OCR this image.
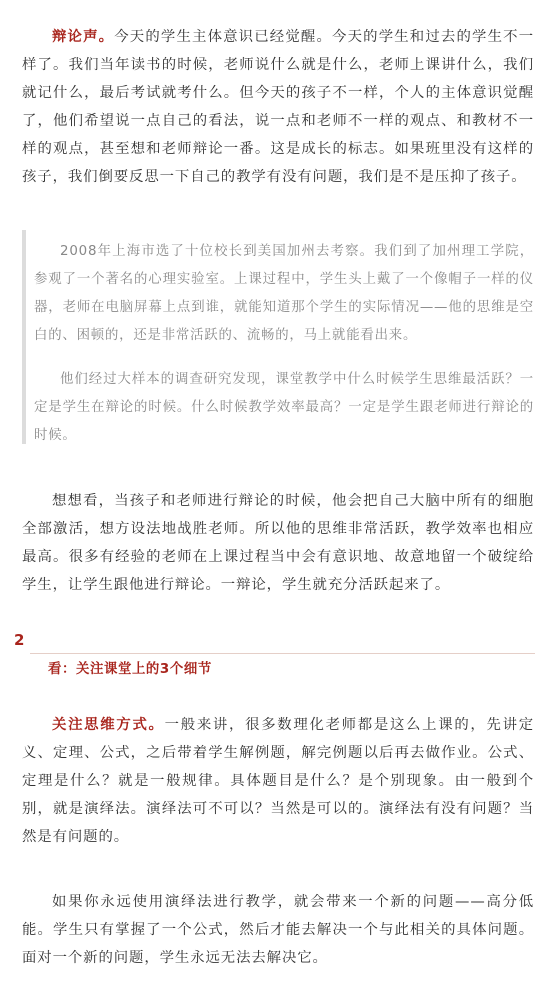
辩论声。今天的学生主体意识已经觉醒。今天的学生和过去的学生不一样了。我们当年读书的时候，老师说什么就是什么，老师上课讲什么，我们就记什么，最后考试就考什么。但今天的孩子不一样，个人的主体意识觉醒了，他们希望说一点自己的看法，说一点和老师不一样的观点、和教材不一样的观点，甚至想和老师辩论一番。这是成长的标志。如果班里没有这样的孩子，我们倒要反思一下自己的教学有没有问题，我们是不是压抑了孩子。

2008年上海市选了十位校长到美国加州去考察。我们到了加州理工学院，参观了一个著名的心理实验室。上课过程中，学生头上戴了一个像帽子一样的仪器，老师在电脑屏幕上点到谁，就能知道那个学生的实际情况——他的思维是空白的、困顿的，还是非常活跃的、流畅的，马上就能看出来。

他们经过大样本的调查研究发现，课堂教学中什么时候学生思维最活跃？一定是学生在辩论的时候。什么时候教学效率最高？一定是学生跟老师进行辩论的时候。

想想看，当孩子和老师进行辩论的时候，他会把自己大脑中所有的细胞全部激活，想方设法地战胜老师。所以他的思维非常活跃，教学效率也相应最高。很多有经验的老师在上课过程当中会有意识地、故意地留一个破绽给学生，让学生跟他进行辩论。一辩论，学生就充分活跃起来了。

2
看：关注课堂上的3个细节

关注思维方式。一般来讲，很多数理化老师都是这么上课的，先讲定义、定理、公式，之后带着学生解例题，解完例题以后再去做作业。公式、定理是什么？就是一般规律。具体题目是什么？是个别现象。由一般到个别，就是演绎法。演绎法可不可以？当然是可以的。演绎法有没有问题？当然是有问题的。

如果你永远使用演绎法进行教学，就会带来一个新的问题——高分低能。学生只有掌握了一个公式，然后才能去解决一个与此相关的具体问题。面对一个新的问题，学生永远无法去解决它。
